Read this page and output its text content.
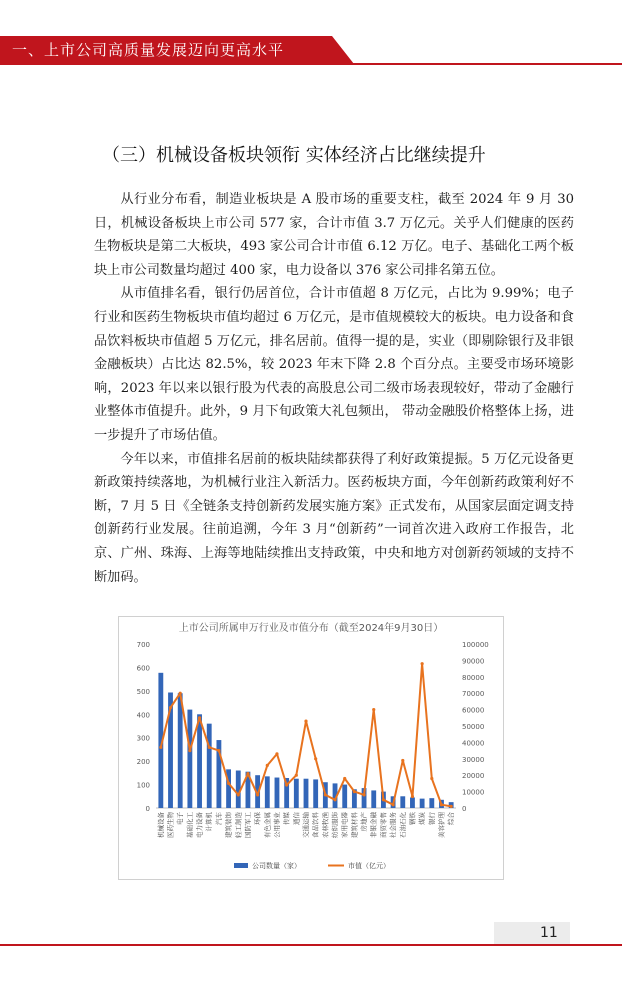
一、上市公司高质量发展迈向更高水平
（三）机械设备板块领衔 实体经济占比继续提升

从行业分布看，制造业板块是 A 股市场的重要支柱，截至 2024 年 9 月 30 日，机械设备板块上市公司 577 家，合计市值 3.7 万亿元。关乎人们健康的医药生物板块是第二大板块，493 家公司合计市值 6.12 万亿。电子、基础化工两个板块上市公司数量均超过 400 家，电力设备以 376 家公司排名第五位。

从市值排名看，银行仍居首位，合计市值超 8 万亿元，占比为 9.99%；电子行业和医药生物板块市值均超过 6 万亿元，是市值规模较大的板块。电力设备和食品饮料板块市值超 5 万亿元，排名居前。值得一提的是，实业（即剔除银行及非银金融板块）占比达 82.5%，较 2023 年末下降 2.8 个百分点。主要受市场环境影响，2023 年以来以银行股为代表的高股息公司二级市场表现较好，带动了金融行业整体市值提升。此外，9 月下旬政策大礼包频出， 带动金融股价格整体上扬，进一步提升了市场估值。

今年以来，市值排名居前的板块陆续都获得了利好政策提振。5 万亿元设备更新政策持续落地，为机械行业注入新活力。医药板块方面，今年创新药政策利好不断，7 月 5 日《全链条支持创新药发展实施方案》正式发布，从国家层面定调支持创新药行业发展。往前追溯，今年 3 月“创新药”一词首次进入政府工作报告，北京、广州、珠海、上海等地陆续推出支持政策，中央和地方对创新药领域的支持不断加码。

上市公司所属申万行业及市值分布（截至2024年9月30日）
0
100
200
300
400
500
600
700
0
10000
20000
30000
40000
50000
60000
70000
80000
90000
100000
机械设备 医药生物 电子 基础化工 电力设备 计算机 汽车 建筑装饰 轻工制造 国防军工 环保 有色金属 公用事业 传媒 通信 交通运输 食品饮料 农林牧渔 纺织服饰 家用电器 建筑材料 房地产 非银金融 商贸零售 社会服务 石油石化 钢铁 煤炭 银行 美容护理 综合
公司数量（家）	市值（亿元）
11
